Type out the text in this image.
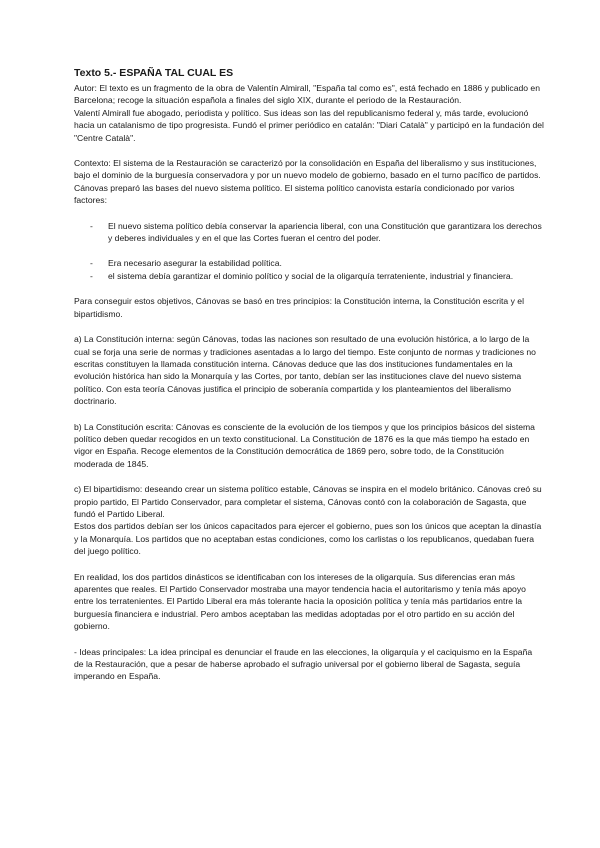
Texto 5.- ESPAÑA TAL CUAL ES

Autor: El texto es un fragmento de la obra de Valentín Almirall, "España tal como es", está fechado en 1886 y publicado en Barcelona; recoge la situación española a finales del siglo XIX, durante el periodo de la Restauración.

Valentí Almirall fue abogado, periodista y político. Sus ideas son las del republicanismo federal y, más tarde, evolucionó hacia un catalanismo de tipo progresista. Fundó el primer periódico en catalán: "Diari Català" y participó en la fundación del "Centre Català".

Contexto: El sistema de la Restauración se caracterizó por la consolidación en España del liberalismo y sus instituciones, bajo el dominio de la burguesía conservadora y por un nuevo modelo de gobierno, basado en el turno pacífico de partidos. Cánovas preparó las bases del nuevo sistema político. El sistema político canovista estaría condicionado por varios factores:

- El nuevo sistema político debía conservar la apariencia liberal, con una Constitución que garantizara los derechos y deberes individuales y en el que las Cortes fueran el centro del poder.
- Era necesario asegurar la estabilidad política.
-	el sistema debía garantizar el dominio político y social de la oligarquía terrateniente, industrial y financiera.

Para conseguir estos objetivos, Cánovas se basó en tres principios: la Constitución interna, la Constitución escrita y el bipartidismo.

a) La Constitución interna: según Cánovas, todas las naciones son resultado de una evolución histórica, a lo largo de la cual se forja una serie de normas y tradiciones asentadas a lo largo del tiempo. Este conjunto de normas y tradiciones no escritas constituyen la llamada constitución interna. Cánovas deduce que las dos instituciones fundamentales en la evolución histórica han sido la Monarquía y las Cortes, por tanto, debían ser las instituciones clave del nuevo sistema político. Con esta teoría Cánovas justifica el principio de soberanía compartida y los planteamientos del liberalismo doctrinario.

b) La Constitución escrita: Cánovas es consciente de la evolución de los tiempos y que los principios básicos del sistema político deben quedar recogidos en un texto constitucional. La Constitución de 1876 es la que más tiempo ha estado en vigor en España. Recoge elementos de la Constitución democrática de 1869 pero, sobre todo, de la Constitución moderada de 1845.

c) El bipartidismo: deseando crear un sistema político estable, Cánovas se inspira en el modelo británico. Cánovas creó su propio partido, El Partido Conservador, para completar el sistema, Cánovas contó con la colaboración de Sagasta, que fundó el Partido Liberal.

Estos dos partidos debían ser los únicos capacitados para ejercer el gobierno, pues son los únicos que aceptan la dinastía y la Monarquía. Los partidos que no aceptaban estas condiciones, como los carlistas o los republicanos, quedaban fuera del juego político.

En realidad, los dos partidos dinásticos se identificaban con los intereses de la oligarquía. Sus diferencias eran más aparentes que reales. El Partido Conservador mostraba una mayor tendencia hacia el autoritarismo y tenía más apoyo entre los terratenientes. El Partido Liberal era más tolerante hacia la oposición política y tenía más partidarios entre la burguesía financiera e industrial. Pero ambos aceptaban las medidas adoptadas por el otro partido en su acción del gobierno.

- Ideas principales: La idea principal es denunciar el fraude en las elecciones, la oligarquía y el caciquismo en la España de la Restauración, que a pesar de haberse aprobado el sufragio universal por el gobierno liberal de Sagasta, seguía imperando en España.
